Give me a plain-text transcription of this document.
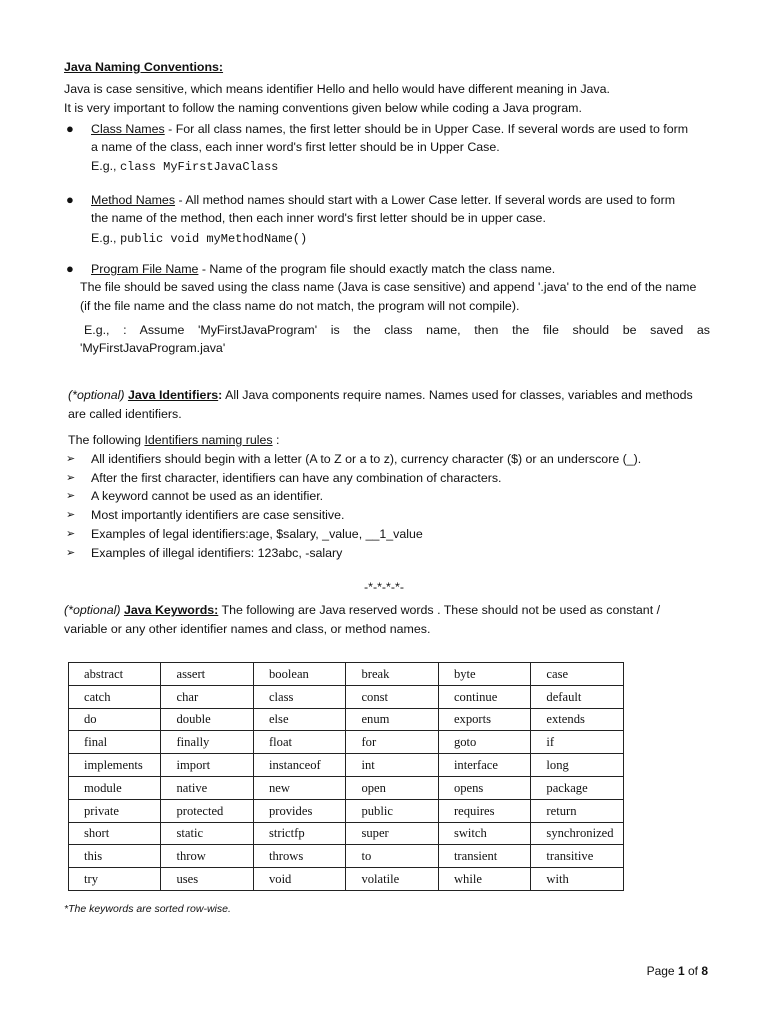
Java Naming Conventions:
Java is case sensitive, which means identifier Hello and hello would have different meaning in Java.
It is very important to follow the naming conventions given below while coding a Java program.
● Class Names - For all class names, the first letter should be in Upper Case. If several words are used to form
a name of the class, each inner word's first letter should be in Upper Case.
E.g., class MyFirstJavaClass
● Method Names - All method names should start with a Lower Case letter. If several words are used to form
the name of the method, then each inner word's first letter should be in upper case.
E.g., public void myMethodName()
● Program File Name - Name of the program file should exactly match the class name.
The file should be saved using the class name (Java is case sensitive) and append '.java' to the end of the name
(if the file name and the class name do not match, the program will not compile).
E.g., : Assume 'MyFirstJavaProgram' is the class name, then the file should be saved as
'MyFirstJavaProgram.java'
(*optional) Java Identifiers: All Java components require names. Names used for classes, variables and methods
are called identifiers.
The following Identifiers naming rules :
➢ All identifiers should begin with a letter (A to Z or a to z), currency character ($) or an underscore (_).
➢ After the first character, identifiers can have any combination of characters.
➢ A keyword cannot be used as an identifier.
➢ Most importantly identifiers are case sensitive.
➢ Examples of legal identifiers:age, $salary, _value, __1_value
➢ Examples of illegal identifiers: 123abc, -salary
-*-*-*-*-
(*optional) Java Keywords: The following are Java reserved words . These should not be used as constant /
variable or any other identifier names and class, or method names.
abstract	assert	boolean	break	byte	case
catch	char	class	const	continue	default
do	double	else	enum	exports	extends
final	finally	float	for	goto	if
implements	import	instanceof	int	interface	long
module	native	new	open	opens	package
private	protected	provides	public	requires	return
short	static	strictfp	super	switch	synchronized
this	throw	throws	to	transient	transitive
try	uses	void	volatile	while	with
*The keywords are sorted row-wise.
Page 1 of 8
